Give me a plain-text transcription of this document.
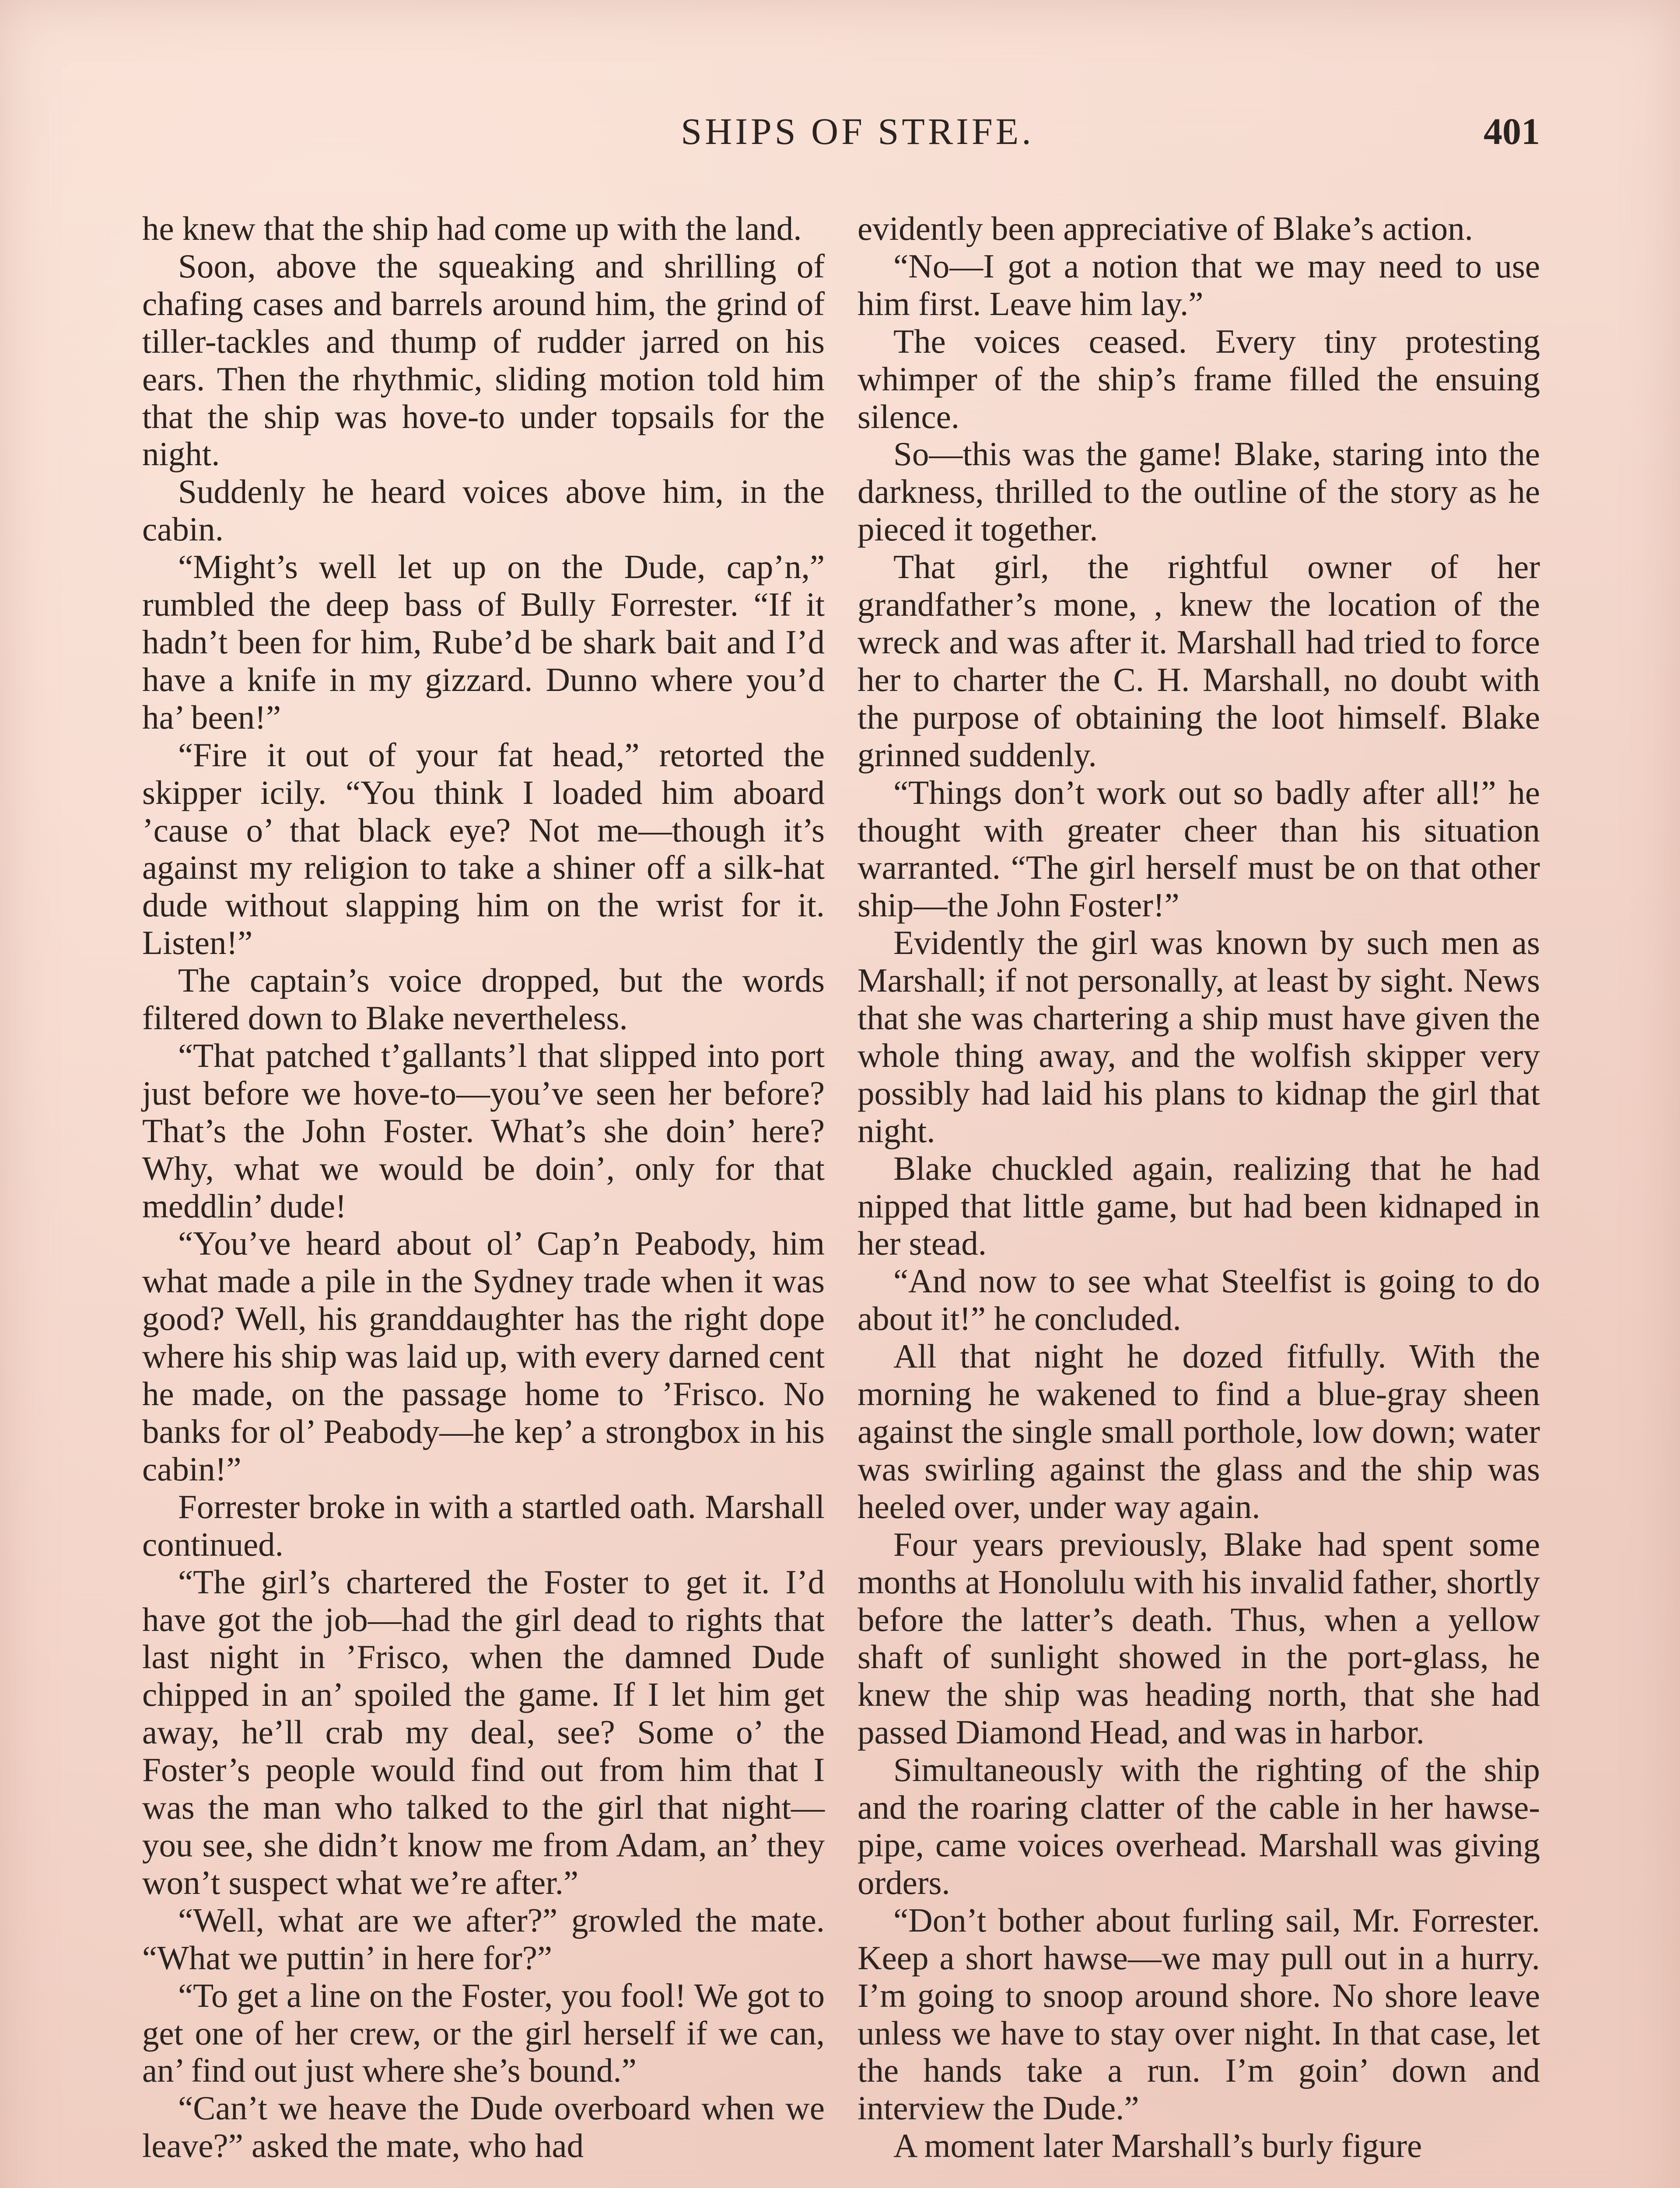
SHIPS OF STRIFE.	401

he knew that the ship had come up with the land.

Soon, above the squeaking and shrilling of chafing cases and barrels around him, the grind of tiller-tackles and thump of rudder jarred on his ears. Then the rhythmic, sliding motion told him that the ship was hove-to under topsails for the night.

Suddenly he heard voices above him, in the cabin.

“Might’s well let up on the Dude, cap’n,” rumbled the deep bass of Bully Forrester. “If it hadn’t been for him, Rube’d be shark bait and I’d have a knife in my gizzard. Dunno where you’d ha’ been!”

“Fire it out of your fat head,” retorted the skipper icily. “You think I loaded him aboard ’cause o’ that black eye? Not me—though it’s against my religion to take a shiner off a silk-hat dude without slapping him on the wrist for it. Listen!”

The captain’s voice dropped, but the words filtered down to Blake nevertheless.

“That patched t’gallants’l that slipped into port just before we hove-to—you’ve seen her before? That’s the John Foster. What’s she doin’ here? Why, what we would be doin’, only for that meddlin’ dude!

“You’ve heard about ol’ Cap’n Peabody, him what made a pile in the Sydney trade when it was good? Well, his granddaughter has the right dope where his ship was laid up, with every darned cent he made, on the passage home to ’Frisco. No banks for ol’ Peabody—he kep’ a strongbox in his cabin!”

Forrester broke in with a startled oath. Marshall continued.

“The girl’s chartered the Foster to get it. I’d have got the job—had the girl dead to rights that last night in ’Frisco, when the damned Dude chipped in an’ spoiled the game. If I let him get away, he’ll crab my deal, see? Some o’ the Foster’s people would find out from him that I was the man who talked to the girl that night—you see, she didn’t know me from Adam, an’ they won’t suspect what we’re after.”

“Well, what are we after?” growled the mate. “What we puttin’ in here for?”

“To get a line on the Foster, you fool! We got to get one of her crew, or the girl herself if we can, an’ find out just where she’s bound.”

“Can’t we heave the Dude overboard when we leave?” asked the mate, who had

evidently been appreciative of Blake’s action.

“No—I got a notion that we may need to use him first. Leave him lay.”

The voices ceased. Every tiny protesting whimper of the ship’s frame filled the ensuing silence.

So—this was the game! Blake, staring into the darkness, thrilled to the outline of the story as he pieced it together.

That girl, the rightful owner of her grandfather’s mone, , knew the location of the wreck and was after it. Marshall had tried to force her to charter the C. H. Marshall, no doubt with the purpose of obtaining the loot himself. Blake grinned suddenly.

“Things don’t work out so badly after all!” he thought with greater cheer than his situation warranted. “The girl herself must be on that other ship—the John Foster!”

Evidently the girl was known by such men as Marshall; if not personally, at least by sight. News that she was chartering a ship must have given the whole thing away, and the wolfish skipper very possibly had laid his plans to kidnap the girl that night.

Blake chuckled again, realizing that he had nipped that little game, but had been kidnaped in her stead.

“And now to see what Steelfist is going to do about it!” he concluded.

All that night he dozed fitfully. With the morning he wakened to find a blue-gray sheen against the single small porthole, low down; water was swirling against the glass and the ship was heeled over, under way again.

Four years previously, Blake had spent some months at Honolulu with his invalid father, shortly before the latter’s death. Thus, when a yellow shaft of sunlight showed in the port-glass, he knew the ship was heading north, that she had passed Diamond Head, and was in harbor.

Simultaneously with the righting of the ship and the roaring clatter of the cable in her hawse-pipe, came voices overhead. Marshall was giving orders.

“Don’t bother about furling sail, Mr. Forrester. Keep a short hawse—we may pull out in a hurry. I’m going to snoop around shore. No shore leave unless we have to stay over night. In that case, let the hands take a run. I’m goin’ down and interview the Dude.”

A moment later Marshall’s burly figure
